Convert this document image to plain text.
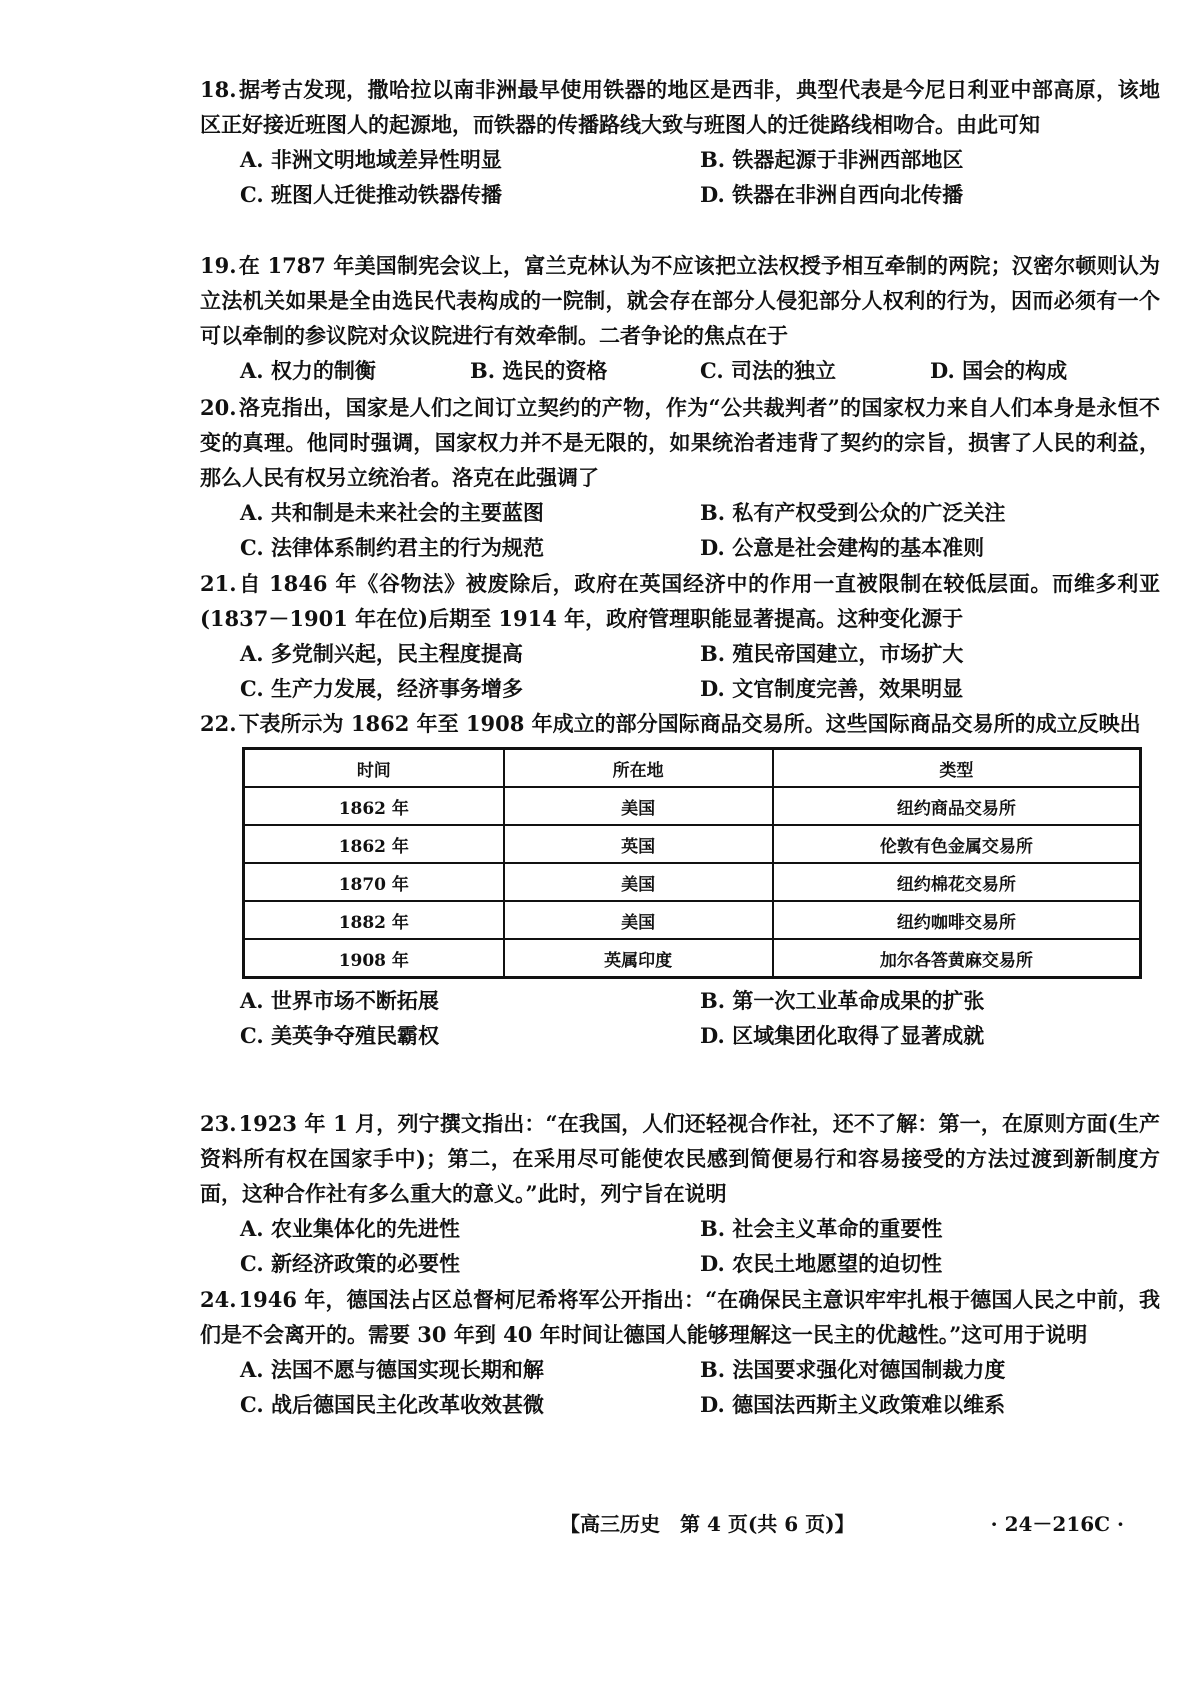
18.据考古发现，撒哈拉以南非洲最早使用铁器的地区是西非，典型代表是今尼日利亚中部高原，该地区正好接近班图人的起源地，而铁器的传播路线大致与班图人的迁徙路线相吻合。由此可知
A. 非洲文明地域差异性明显	B. 铁器起源于非洲西部地区
C. 班图人迁徙推动铁器传播	D. 铁器在非洲自西向北传播
19.在 1787 年美国制宪会议上，富兰克林认为不应该把立法权授予相互牵制的两院；汉密尔顿则认为立法机关如果是全由选民代表构成的一院制，就会存在部分人侵犯部分人权利的行为，因而必须有一个可以牵制的参议院对众议院进行有效牵制。二者争论的焦点在于
A. 权力的制衡	B. 选民的资格	C. 司法的独立	D. 国会的构成
20.洛克指出，国家是人们之间订立契约的产物，作为“公共裁判者”的国家权力来自人们本身是永恒不变的真理。他同时强调，国家权力并不是无限的，如果统治者违背了契约的宗旨，损害了人民的利益，那么人民有权另立统治者。洛克在此强调了
A. 共和制是未来社会的主要蓝图	B. 私有产权受到公众的广泛关注
C. 法律体系制约君主的行为规范	D. 公意是社会建构的基本准则
21.自 1846 年《谷物法》被废除后，政府在英国经济中的作用一直被限制在较低层面。而维多利亚(1837－1901 年在位)后期至 1914 年，政府管理职能显著提高。这种变化源于
A. 多党制兴起，民主程度提高	B. 殖民帝国建立，市场扩大
C. 生产力发展，经济事务增多	D. 文官制度完善，效果明显
22.下表所示为 1862 年至 1908 年成立的部分国际商品交易所。这些国际商品交易所的成立反映出
时间	所在地	类型
1862 年	美国	纽约商品交易所
1862 年	英国	伦敦有色金属交易所
1870 年	美国	纽约棉花交易所
1882 年	美国	纽约咖啡交易所
1908 年	英属印度	加尔各答黄麻交易所
A. 世界市场不断拓展	B. 第一次工业革命成果的扩张
C. 美英争夺殖民霸权	D. 区域集团化取得了显著成就
23.1923 年 1 月，列宁撰文指出：“在我国，人们还轻视合作社，还不了解：第一，在原则方面(生产资料所有权在国家手中)；第二，在采用尽可能使农民感到简便易行和容易接受的方法过渡到新制度方面，这种合作社有多么重大的意义。”此时，列宁旨在说明
A. 农业集体化的先进性	B. 社会主义革命的重要性
C. 新经济政策的必要性	D. 农民土地愿望的迫切性
24.1946 年，德国法占区总督柯尼希将军公开指出：“在确保民主意识牢牢扎根于德国人民之中前，我们是不会离开的。需要 30 年到 40 年时间让德国人能够理解这一民主的优越性。”这可用于说明
A. 法国不愿与德国实现长期和解	B. 法国要求强化对德国制裁力度
C. 战后德国民主化改革收效甚微	D. 德国法西斯主义政策难以维系
【高三历史　第 4 页(共 6 页)】	· 24－216C ·
